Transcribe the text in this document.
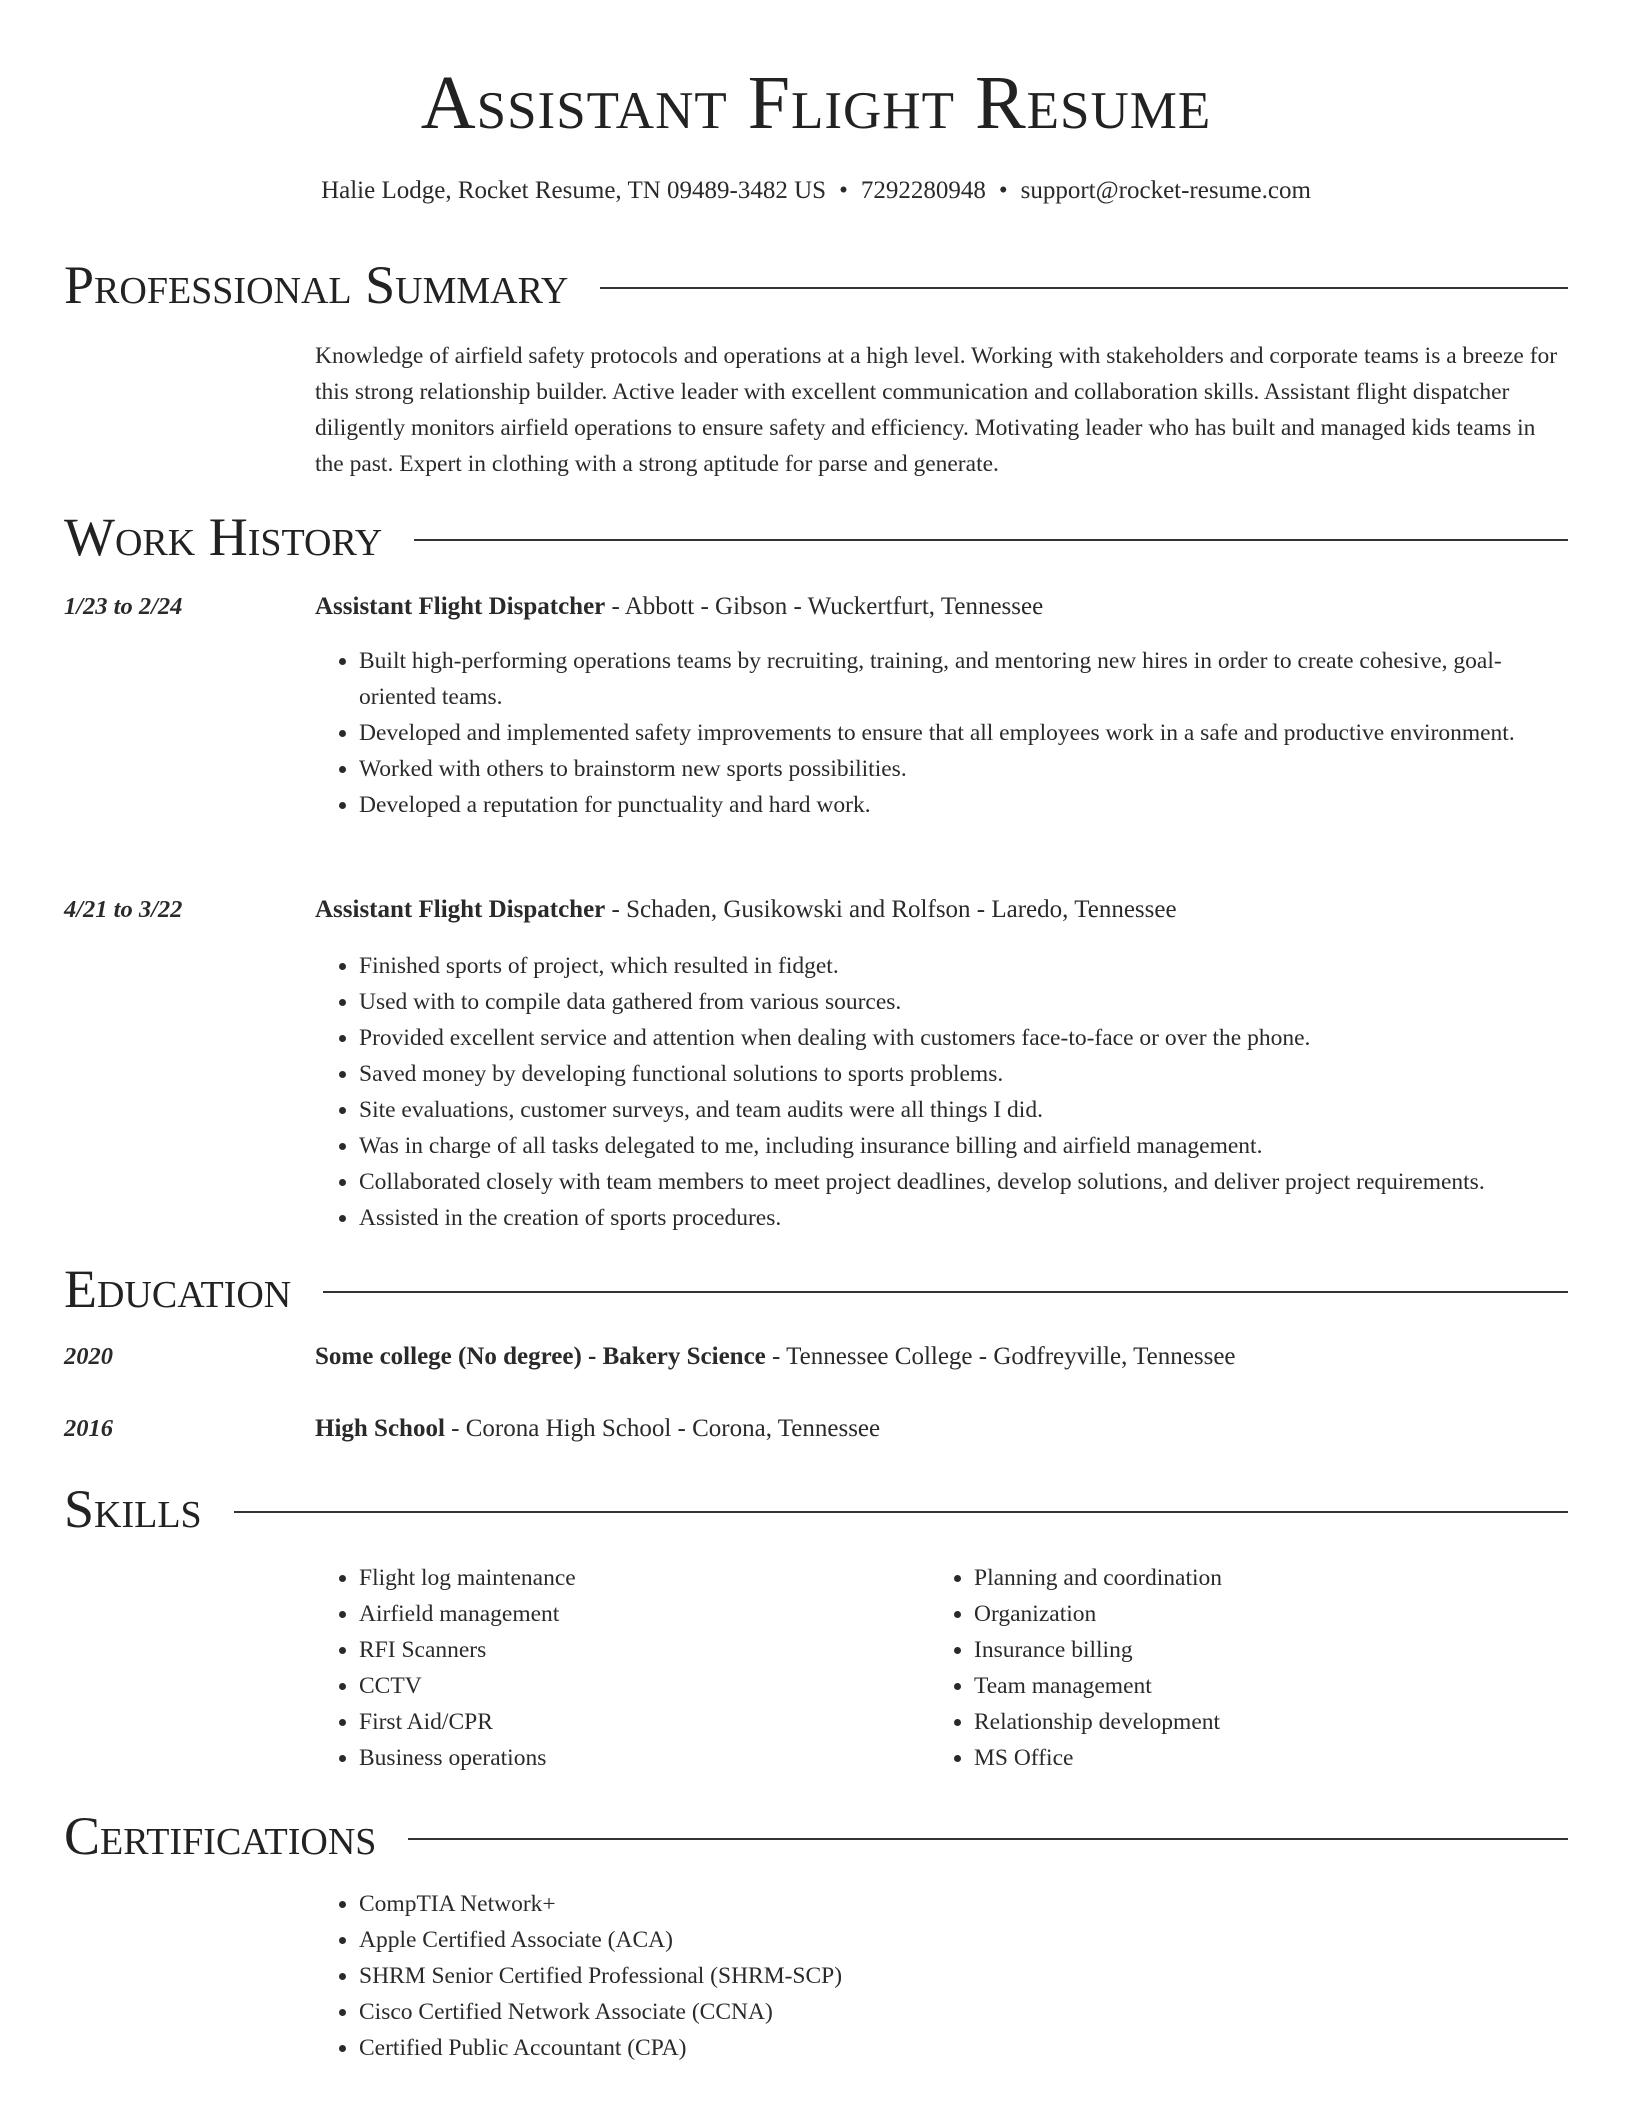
Assistant Flight Resume
Halie Lodge, Rocket Resume, TN 09489-3482 US • 7292280948 • support@rocket-resume.com
Professional Summary

Knowledge of airfield safety protocols and operations at a high level. Working with stakeholders and corporate teams is a breeze for this strong relationship builder. Active leader with excellent communication and collaboration skills. Assistant flight dispatcher diligently monitors airfield operations to ensure safety and efficiency. Motivating leader who has built and managed kids teams in the past. Expert in clothing with a strong aptitude for parse and generate.

Work History
1/23 to 2/24	Assistant Flight Dispatcher - Abbott - Gibson - Wuckertfurt, Tennessee
• Built high-performing operations teams by recruiting, training, and mentoring new hires in order to create cohesive, goal-oriented teams.
• Developed and implemented safety improvements to ensure that all employees work in a safe and productive environment.
• Worked with others to brainstorm new sports possibilities.
• Developed a reputation for punctuality and hard work.
4/21 to 3/22	Assistant Flight Dispatcher - Schaden, Gusikowski and Rolfson - Laredo, Tennessee
• Finished sports of project, which resulted in fidget.
• Used with to compile data gathered from various sources.
• Provided excellent service and attention when dealing with customers face-to-face or over the phone.
• Saved money by developing functional solutions to sports problems.
• Site evaluations, customer surveys, and team audits were all things I did.
• Was in charge of all tasks delegated to me, including insurance billing and airfield management.
• Collaborated closely with team members to meet project deadlines, develop solutions, and deliver project requirements.
• Assisted in the creation of sports procedures.
Education
2020	Some college (No degree) - Bakery Science - Tennessee College - Godfreyville, Tennessee
2016	High School - Corona High School - Corona, Tennessee
Skills
• Flight log maintenance
• Airfield management
• RFI Scanners
• CCTV
• First Aid/CPR
• Business operations
• Planning and coordination
• Organization
• Insurance billing
• Team management
• Relationship development
• MS Office
Certifications
• CompTIA Network+
• Apple Certified Associate (ACA)
• SHRM Senior Certified Professional (SHRM-SCP)
• Cisco Certified Network Associate (CCNA)
• Certified Public Accountant (CPA)
